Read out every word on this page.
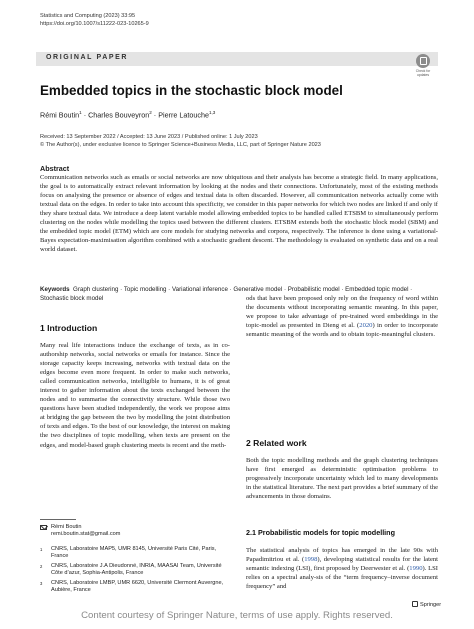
Statistics and Computing (2023) 33:95
https://doi.org/10.1007/s11222-023-10265-9
ORIGINAL PAPER
Check for
updates
Embedded topics in the stochastic block model
Rémi Boutin$^1$ · Charles Bouveyron$^2$ · Pierre Latouche$^{1,3}$
Received: 13 September 2022 / Accepted: 13 June 2023 / Published online: 1 July 2023
© The Author(s), under exclusive licence to Springer Science+Business Media, LLC, part of Springer Nature 2023
Abstract

Communication networks such as emails or social networks are now ubiquitous and their analysis has become a strategic field. In many applications, the goal is to automatically extract relevant information by looking at the nodes and their connections. Unfortunately, most of the existing methods focus on analysing the presence or absence of edges and textual data is often discarded. However, all communication networks actually come with textual data on the edges. In order to take into account this specificity, we consider in this paper networks for which two nodes are linked if and only if they share textual data. We introduce a deep latent variable model allowing embedded topics to be handled called ETSBM to simultaneously perform clustering on the nodes while modelling the topics used between the different clusters. ETSBM extends both the stochastic block model (SBM) and the embedded topic model (ETM) which are core models for studying networks and corpora, respectively. The inference is done using a variational-Bayes expectation-maximisation algorithm combined with a stochastic gradient descent. The methodology is evaluated on synthetic data and on a real world dataset.

Keywords Graph clustering · Topic modelling · Variational inference · Generative model · Probabilistic model · Embedded topic model · Stochastic block model

1 Introduction

Many real life interactions induce the exchange of texts, as in co-authorship networks, social networks or emails for instance. Since the storage capacity keeps increasing, networks with textual data on the edges become even more frequent. In order to make such networks, called communication networks, intelligible to humans, it is of great interest to gather information about the texts exchanged between the nodes and to summarise the connectivity structure. While those two questions have been studied independently, the work we propose aims at bridging the gap between the two by modelling the joint distribution of texts and edges. To the best of our knowledge, the interest on making the two disciplines of topic modelling, when texts are present on the edges, and model-based graph clustering meets is recent and the meth-

ods that have been proposed only rely on the frequency of word within the documents without incorporating semantic meaning. In this paper, we propose to take advantage of pre-trained word embeddings in the topic-model as presented in Dieng et al. (2020) in order to incorporate semantic meaning of the words and to obtain topic-meaningful clusters.

2 Related work

Both the topic modelling methods and the graph clustering techniques have first emerged as deterministic optimisation problems to progressively incorporate uncertainty which led to many developments in the statistical literature. The next part provides a brief summary of the advancements in those domains.

2.1 Probabilistic models for topic modelling

The statistical analysis of topics has emerged in the late 90s with Papadimitriou et al. (1998), developing statistical results for the latent semantic indexing (LSI), first proposed by Deerwester et al. (1990). LSI relies on a spectral analy-sis of the “term frequency–inverse document frequency” and

Rémi Boutin
remi.boutin.stat@gmail.com
1	CNRS, Laboratoire MAP5, UMR 8145, Université Paris Cité, Paris, France
2	CNRS, Laboratoire J.A Dieudonné, INRIA, MAASAI Team, Université Côte d’azur, Sophia-Antipolis, France
3	CNRS, Laboratoire LMBP, UMR 6620, Université Clermont Auvergne, Aubière, France
Springer
Content courtesy of Springer Nature, terms of use apply. Rights reserved.
